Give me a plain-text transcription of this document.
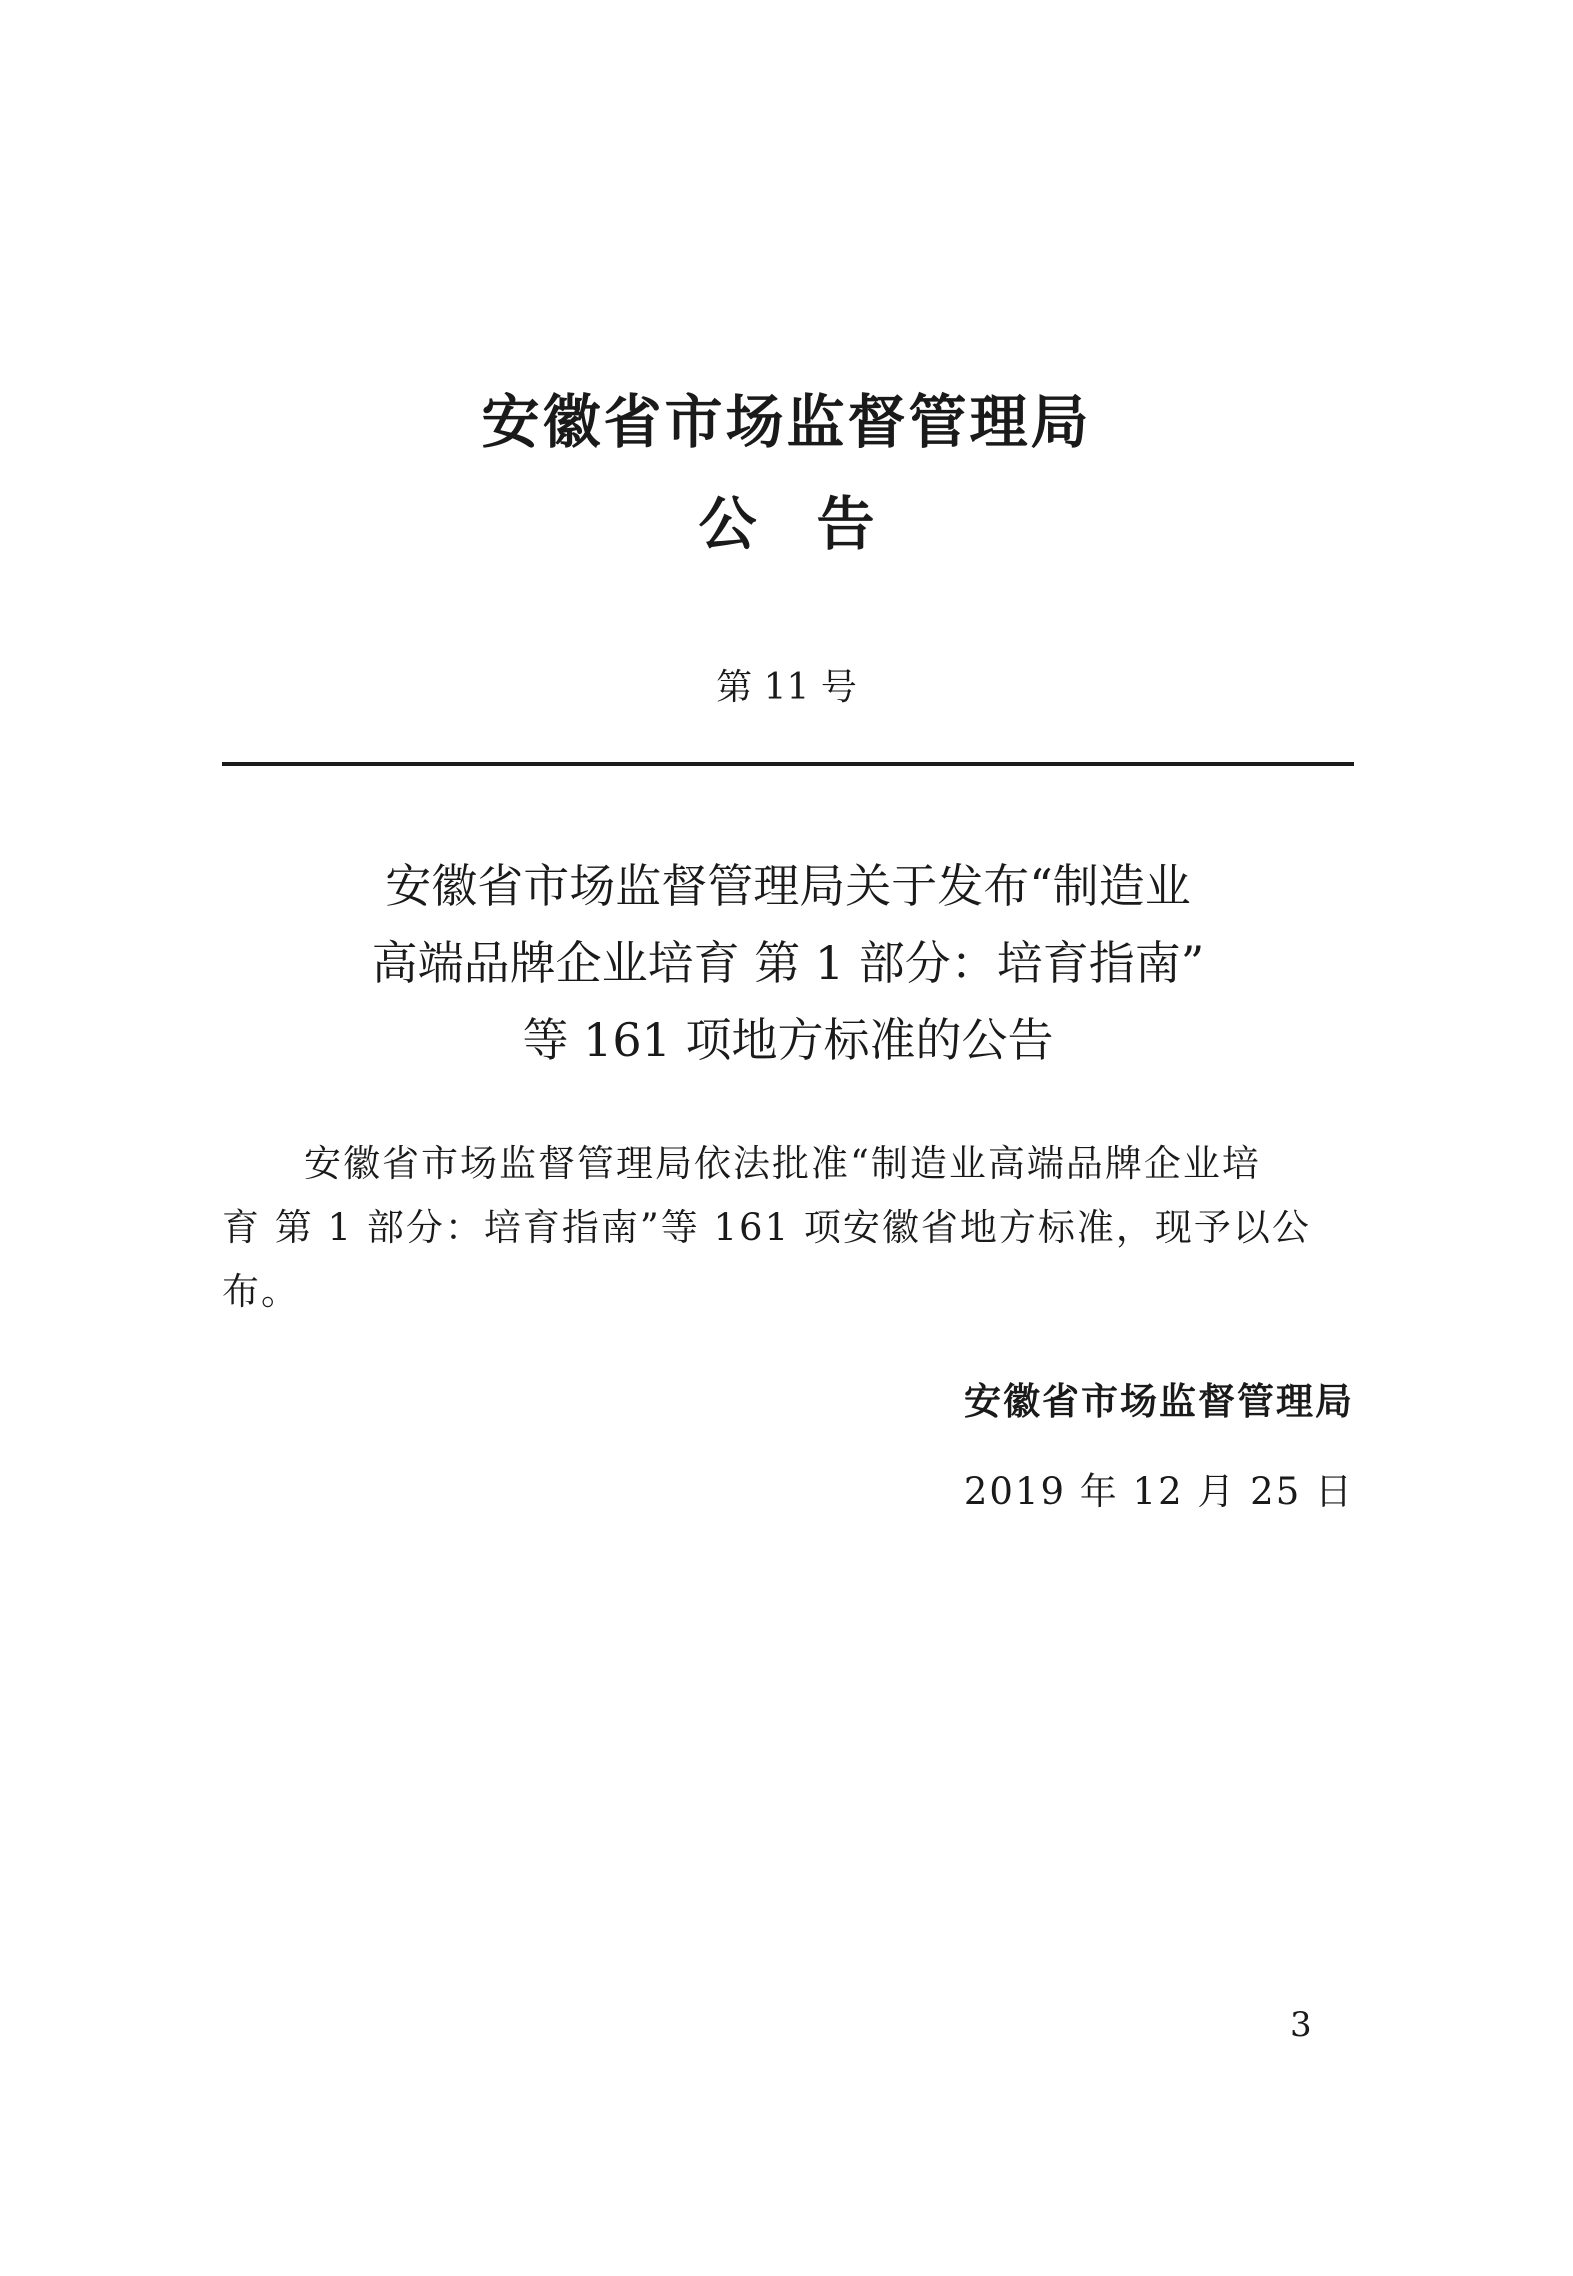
安徽省市场监督管理局
公 告
第 11 号
安徽省市场监督管理局关于发布“制造业
高端品牌企业培育 第 1 部分：培育指南”
等 161 项地方标准的公告
安徽省市场监督管理局依法批准“制造业高端品牌企业培
育 第 1 部分：培育指南”等 161 项安徽省地方标准，现予以公
布。
安徽省市场监督管理局
2019 年 12 月 25 日
3
